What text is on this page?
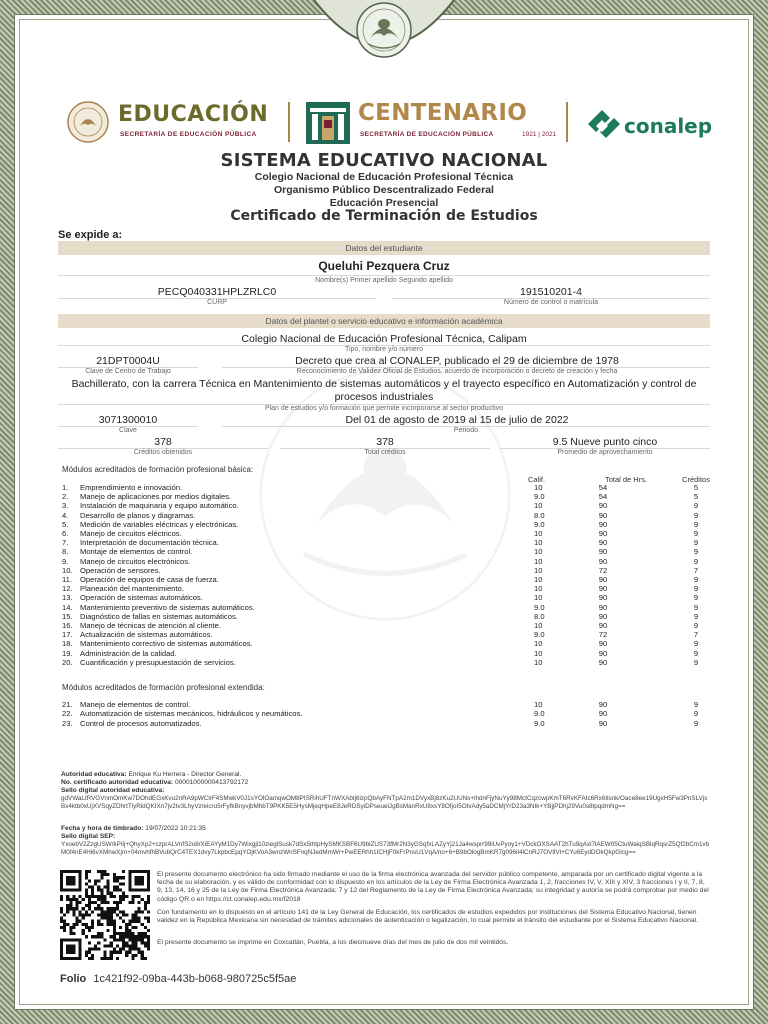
EDUCACIÓN
SECRETARÍA DE EDUCACIÓN PÚBLICA
CENTENARIO
SECRETARÍA DE EDUCACIÓN PÚBLICA	1921 | 2021	conalep
SISTEMA EDUCATIVO NACIONAL
Colegio Nacional de Educación Profesional Técnica
Organismo Público Descentralizado Federal
Educación Presencial
Certificado de Terminación de Estudios
Se expide a:
Datos del estudiante
Queluhi Pezquera Cruz
Nombre(s) Primer apellido Segundo apellido
PECQ040331HPLZRLC0	191510201-4
CURP	Número de control o matrícula
Datos del plantel o servicio educativo e información académica
Colegio Nacional de Educación Profesional Técnica, Calipam
Tipo, nombre y/o número
21DPT0004U	Decreto que crea al CONALEP, publicado el 29 de diciembre de 1978
Clave de Centro de Trabajo	Reconocimiento de Validez Oficial de Estudios, acuerdo de incorporación o decreto de creación y fecha
Bachillerato, con la carrera Técnica en Mantenimiento de sistemas automáticos y el trayecto específico en Automatización y control de procesos industriales
Plan de estudios y/o formación que permite incorporarse al sector productivo
3071300010	Del 01 de agosto de 2019 al 15 de julio de 2022
Clave	Periodo
378	378	9.5 Nueve punto cinco
Créditos obtenidos	Total créditos	Promedio de aprovechamiento
Módulos acreditados de formación profesional básica:
Calif.	Total de Hrs.	Créditos
1. Emprendimiento e innovación.	10	54	5
2. Manejo de aplicaciones por medios digitales.	9.0	54	5
3. Instalación de maquinaria y equipo automático.	10	90	9
4. Desarrollo de planos y diagramas.	8.0	90	9
5. Medición de variables eléctricas y electrónicas.	9.0	90	9
6. Manejo de circuitos eléctricos.	10	90	9
7. Interpretación de documentación técnica.	10	90	9
8. Montaje de elementos de control.	10	90	9
9. Manejo de circuitos electrónicos.	10	90	9
10. Operación de sensores.	10	72	7
11. Operación de equipos de casa de fuerza.	10	90	9
12. Planeación del mantenimiento.	10	90	9
13. Operación de sistemas automáticos.	10	90	9
14. Mantenimiento preventivo de sistemas automáticos.	9.0	90	9
15. Diagnóstico de fallas en sistemas automáticos.	8.0	90	9
16. Manejo de técnicas de atención al cliente.	10	90	9
17. Actualización de sistemas automáticos.	9.0	72	7
18. Mantenimiento correctivo de sistemas automáticos.	10	90	9
19. Administración de la calidad.	10	90	9
20. Cuantificación y presupuestación de servicios.	10	90	9
Módulos acreditados de formación profesional extendida:
21. Manejo de elementos de control.	10	90	9
22. Automatización de sistemas mecánicos, hidráulicos y neumáticos.	9.0	90	9
23. Control de procesos automatizados.	9.0	90	9
Autoridad educativa: Enrique Ku Herrera - Director General.
No. certificado autoridad educativa: 00001000000413792172
Sello digital autoridad educativa:
gdVWaLtRVGVnmOmKw7DOhdEGxKvu2nRA9pWClrF4SMwkV0J1sYOlOamqwOM8PISRihUFTnWXAbtj6izpQbAyFNTpA2m1DVyxBj8zKu2UUNs+lhdnFjyNuYy98MctCqzcwpKmT6RvKFAtc6Rx6Ilsnk/Oace8ee19UgxH5Fw3PnSLVjsBx4ktb0xUjXVSqyZDhrtTlyRldQKIXn7jv2tv3LhyVz/eicru5rFyfkBnyvjbMhbT9PKK5E5HysMjeqHpeE8JeRDSyiDPseuelJgBsManRxU8xsY8OfjoI5OtvAdy5aDCMjYrD23a3NIk+YBjjPDhj29Vu0s8tpqdmNg==
Fecha y hora de timbrado: 19/07/2022 10:21:35
Sello digital SEP:
YxoebV2ZzgUSW/kPiIj+QhyXp2+czprALVnfS2o8/XiEAYyM1Dy7Wixgjl10zieglSusk7dSx5thtpHySMKSBF6U9blZUS73fMr2N3yGSqfxLAZyYj21Ja4wsprr99iUvPyoy1+VDckOXSAAT2hTu9qAxl7lAEW05CtuWaiqSBlqRqsrZ5Qf2bCm1vbM0f4nE4Hi6vXMhwXjm+04mvhfhBVubQrC4TEX1dvy7LkpbcEpqYOjKVoA3wnzWnSFnqNJedMmWr+PwEERhh1ICHjF0kFrPnsU1VqA/no+6+B9bOlogBmKR7g096iI4lCnRJ7OVtlVl+CYu6EydDOkQkpGIcg==
El presente documento electrónico ha sido firmado mediante el uso de la firma electrónica avanzada del servidor público competente, amparada por un certificado digital vigente a la fecha de su elaboración, y es válido de conformidad con lo dispuesto en los artículos de la Ley de Firma Electrónica Avanzada 1, 2, fracciones IV, V, XIII y XIV, 3 fracciones I y II, 7, 8, 9, 13, 14, 16 y 25 de la Ley de Firma Electrónica Avanzada; 7 y 12 del Reglamento de la Ley de Firma Electrónica Avanzada; su integridad y autoría se podrá comprobar por medio del código QR o en https://ct.conalep.edu.mx/f2018
Con fundamento en lo dispuesto en el artículo 141 de la Ley General de Educación, los certificados de estudios expedidos por instituciones del Sistema Educativo Nacional, tienen validez en la República Mexicana sin necesidad de trámites adicionales de autenticación o legalización, lo cual permite el tránsito del estudiante por el Sistema Educativo Nacional.
El presente documento se imprime en Coxcatlán, Puebla, a los diecinueve días del mes de julio de dos mil veintidós.
Folio 1c421f92-09ba-443b-b068-980725c5f5ae
